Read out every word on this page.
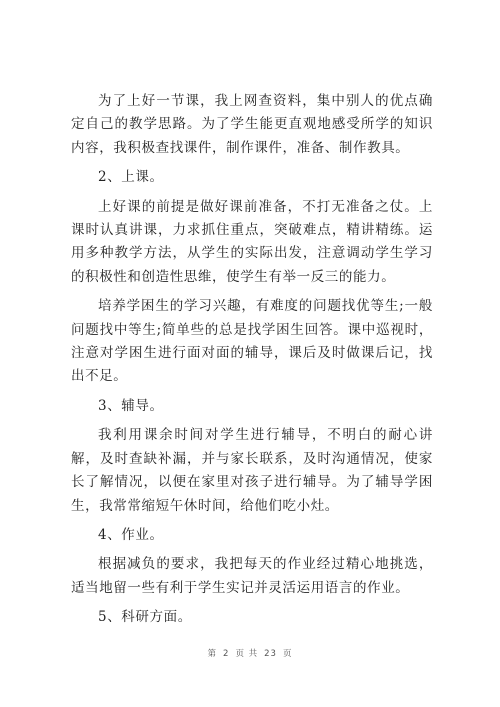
为了上好一节课，我上网查资料，集中别人的优点确定自己的教学思路。为了学生能更直观地感受所学的知识内容，我积极查找课件，制作课件，准备、制作教具。

2、上课。

上好课的前提是做好课前准备，不打无准备之仗。上课时认真讲课，力求抓住重点，突破难点，精讲精练。运用多种教学方法，从学生的实际出发，注意调动学生学习的积极性和创造性思维，使学生有举一反三的能力。

培养学困生的学习兴趣，有难度的问题找优等生;一般问题找中等生;简单些的总是找学困生回答。课中巡视时，注意对学困生进行面对面的辅导，课后及时做课后记，找出不足。

3、辅导。

我利用课余时间对学生进行辅导，不明白的耐心讲解，及时查缺补漏，并与家长联系，及时沟通情况，使家长了解情况，以便在家里对孩子进行辅导。为了辅导学困生，我常常缩短午休时间，给他们吃小灶。

4、作业。

根据减负的要求，我把每天的作业经过精心地挑选，适当地留一些有利于学生实记并灵活运用语言的作业。

5、科研方面。

第 2 页 共 23 页
